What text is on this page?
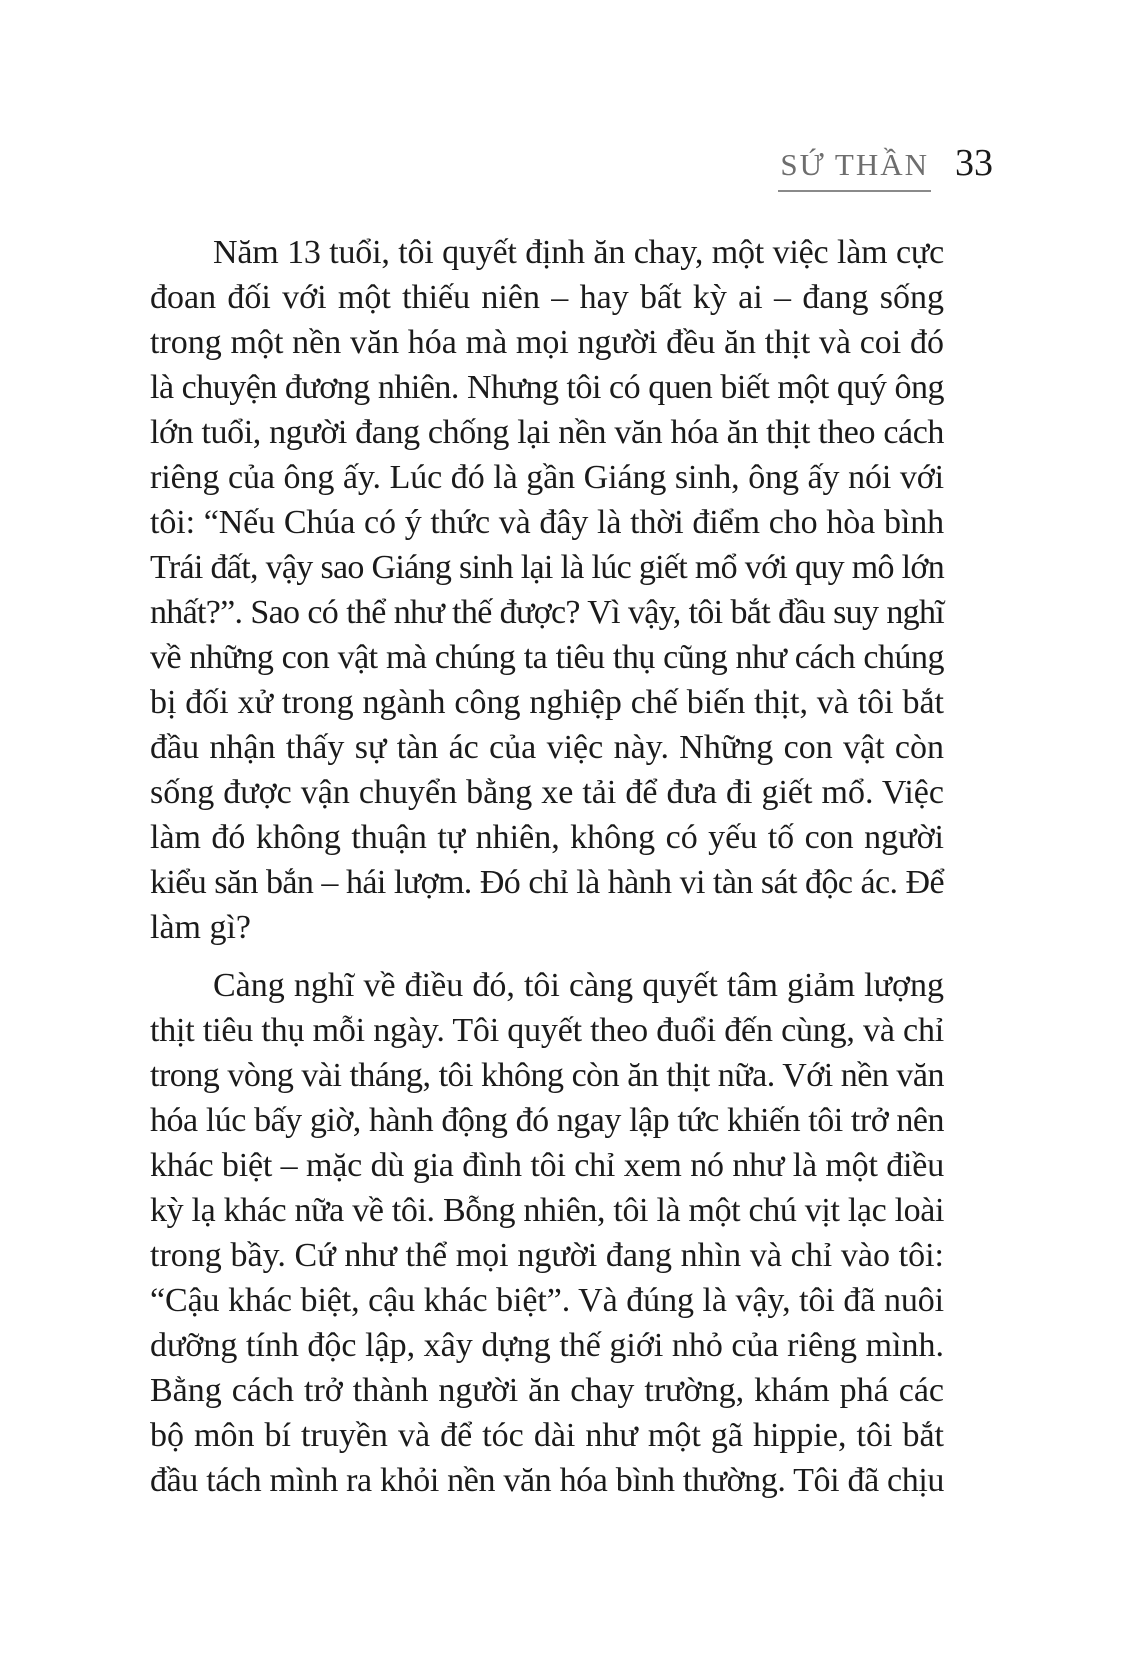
SỨ THẦN 33
Năm 13 tuổi, tôi quyết định ăn chay, một việc làm cực
đoan đối với một thiếu niên – hay bất kỳ ai – đang sống
trong một nền văn hóa mà mọi người đều ăn thịt và coi đó
là chuyện đương nhiên. Nhưng tôi có quen biết một quý ông
lớn tuổi, người đang chống lại nền văn hóa ăn thịt theo cách
riêng của ông ấy. Lúc đó là gần Giáng sinh, ông ấy nói với
tôi: “Nếu Chúa có ý thức và đây là thời điểm cho hòa bình
Trái đất, vậy sao Giáng sinh lại là lúc giết mổ với quy mô lớn
nhất?”. Sao có thể như thế được? Vì vậy, tôi bắt đầu suy nghĩ
về những con vật mà chúng ta tiêu thụ cũng như cách chúng
bị đối xử trong ngành công nghiệp chế biến thịt, và tôi bắt
đầu nhận thấy sự tàn ác của việc này. Những con vật còn
sống được vận chuyển bằng xe tải để đưa đi giết mổ. Việc
làm đó không thuận tự nhiên, không có yếu tố con người
kiểu săn bắn – hái lượm. Đó chỉ là hành vi tàn sát độc ác. Để
làm gì?
Càng nghĩ về điều đó, tôi càng quyết tâm giảm lượng
thịt tiêu thụ mỗi ngày. Tôi quyết theo đuổi đến cùng, và chỉ
trong vòng vài tháng, tôi không còn ăn thịt nữa. Với nền văn
hóa lúc bấy giờ, hành động đó ngay lập tức khiến tôi trở nên
khác biệt – mặc dù gia đình tôi chỉ xem nó như là một điều
kỳ lạ khác nữa về tôi. Bỗng nhiên, tôi là một chú vịt lạc loài
trong bầy. Cứ như thể mọi người đang nhìn và chỉ vào tôi:
“Cậu khác biệt, cậu khác biệt”. Và đúng là vậy, tôi đã nuôi
dưỡng tính độc lập, xây dựng thế giới nhỏ của riêng mình.
Bằng cách trở thành người ăn chay trường, khám phá các
bộ môn bí truyền và để tóc dài như một gã hippie, tôi bắt
đầu tách mình ra khỏi nền văn hóa bình thường. Tôi đã chịu
